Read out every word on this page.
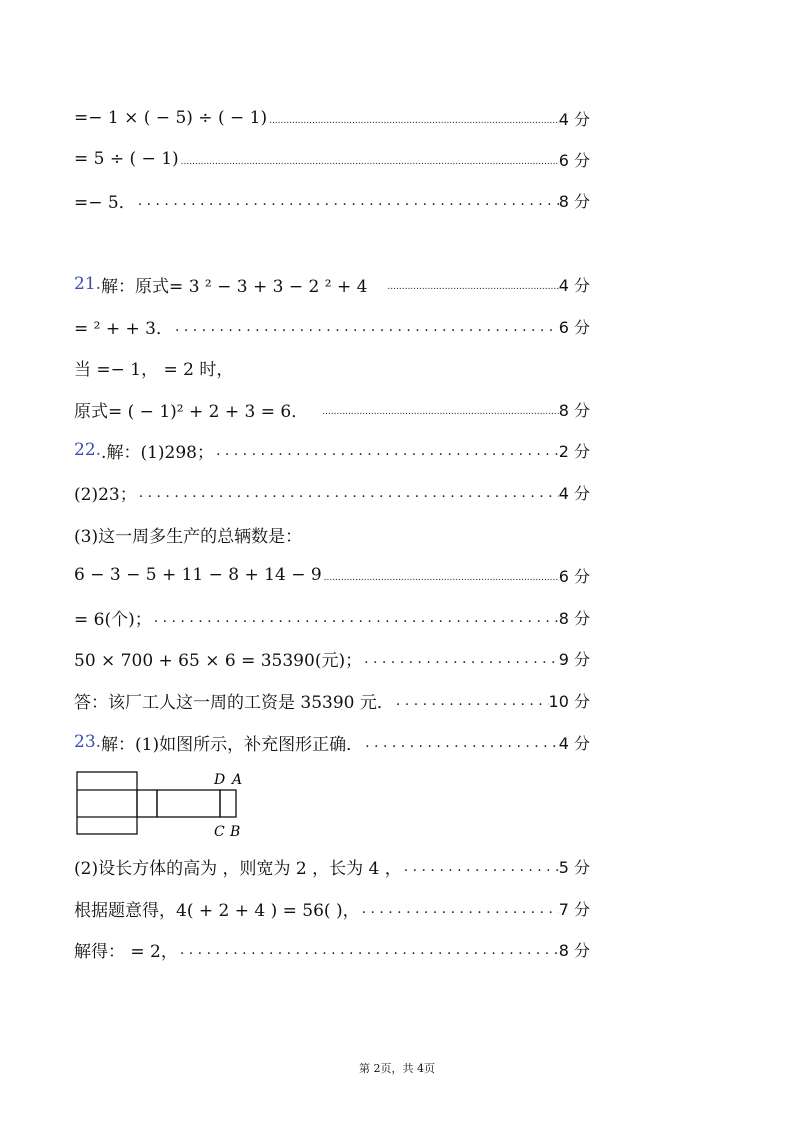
=− 1 × ( − 5) ÷ ( − 1) .....	4 分
= 5 ÷ ( − 1) .....	6 分
=− 5． . . .	8 分
21. 解：原式= 3 ² − 3 + 3 − 2 ² + 4 .....	4 分
= ² + + 3． . . .	6 分
当 =− 1， = 2 时，
原式= ( − 1)² + 2 + 3 = 6． .....	8 分
22. .解：(1)298； . . .	2 分
(2)23； . . .	4 分
(3)这一周多生产的总辆数是：
6 − 3 − 5 + 11 − 8 + 14 − 9 .....	6 分
= 6(个)； . . .	8 分
50 × 700 + 65 × 6 = 35390(元)； . . .	9 分
答：该厂工人这一周的工资是 35390 元． . . .	10 分
23. 解：(1)如图所示，补充图形正确． . . .	4 分
D A
C B
(2)设长方体的高为 ，则宽为 2 ，长为 4 ， . . .	5 分
根据题意得，4( + 2 + 4 ) = 56( )， . . .	7 分
解得： = 2， . . .	8 分
第 2页，共 4页
